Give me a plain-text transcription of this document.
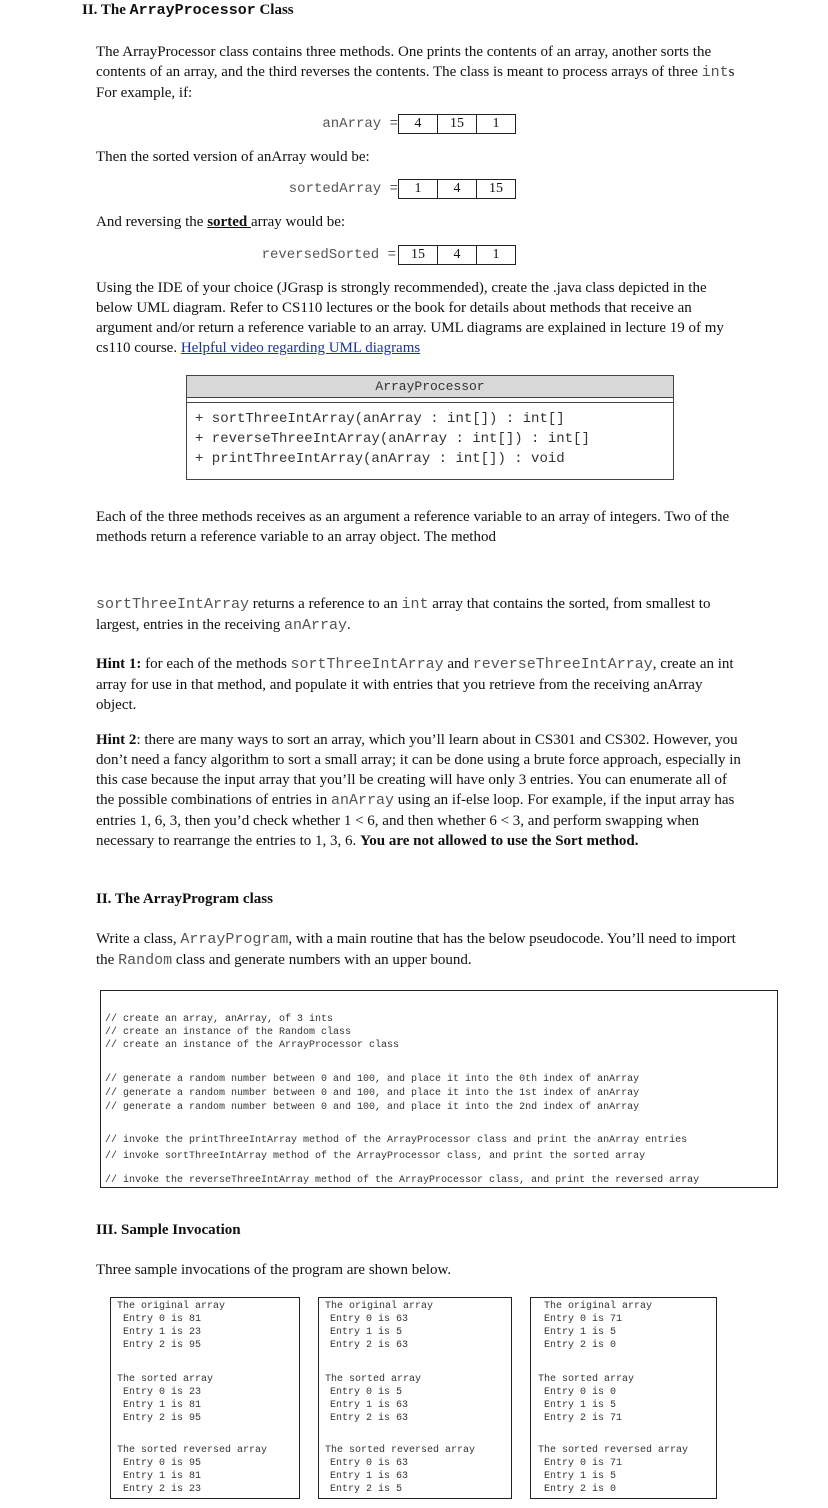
II. The ArrayProcessor Class

The ArrayProcessor class contains three methods. One prints the contents of an array, another sorts the contents of an array, and the third reverses the contents. The class is meant to process arrays of three ints For example, if:

anArray =	4	15	1

Then the sorted version of anArray would be:

sortedArray =	1	4	15

And reversing the sorted array would be:

reversedSorted =	15	4	1

Using the IDE of your choice (JGrasp is strongly recommended), create the .java class depicted in the below UML diagram. Refer to CS110 lectures or the book for details about methods that receive an argument and/or return a reference variable to an array. UML diagrams are explained in lecture 19 of my cs110 course. Helpful video regarding UML diagrams

ArrayProcessor
+ sortThreeIntArray(anArray : int[]) : int[]
+ reverseThreeIntArray(anArray : int[]) : int[]
+ printThreeIntArray(anArray : int[]) : void

Each of the three methods receives as an argument a reference variable to an array of integers. Two of the methods return a reference variable to an array object. The method

sortThreeIntArray returns a reference to an int array that contains the sorted, from smallest to largest, entries in the receiving anArray.

Hint 1: for each of the methods sortThreeIntArray and reverseThreeIntArray, create an int array for use in that method, and populate it with entries that you retrieve from the receiving anArray object.

Hint 2: there are many ways to sort an array, which you’ll learn about in CS301 and CS302. However, you don’t need a fancy algorithm to sort a small array; it can be done using a brute force approach, especially in this case because the input array that you’ll be creating will have only 3 entries. You can enumerate all of the possible combinations of entries in anArray using an if-else loop. For example, if the input array has entries 1, 6, 3, then you’d check whether 1 < 6, and then whether 6 < 3, and perform swapping when necessary to rearrange the entries to 1, 3, 6. You are not allowed to use the Sort method.

II. The ArrayProgram class

Write a class, ArrayProgram, with a main routine that has the below pseudocode. You’ll need to import the Random class and generate numbers with an upper bound.

// create an array, anArray, of 3 ints
// create an instance of the Random class
// create an instance of the ArrayProcessor class
// generate a random number between 0 and 100, and place it into the 0th index of anArray
// generate a random number between 0 and 100, and place it into the 1st index of anArray
// generate a random number between 0 and 100, and place it into the 2nd index of anArray
// invoke the printThreeIntArray method of the ArrayProcessor class and print the anArray entries
// invoke sortThreeIntArray method of the ArrayProcessor class, and print the sorted array
// invoke the reverseThreeIntArray method of the ArrayProcessor class, and print the reversed array
III. Sample Invocation

Three sample invocations of the program are shown below.

The original array
Entry 0 is 81
Entry 1 is 23
Entry 2 is 95
The sorted array
Entry 0 is 23
Entry 1 is 81
Entry 2 is 95
The sorted reversed array
Entry 0 is 95
Entry 1 is 81
Entry 2 is 23
The original array
Entry 0 is 63
Entry 1 is 5
Entry 2 is 63
The sorted array
Entry 0 is 5
Entry 1 is 63
Entry 2 is 63
The sorted reversed array
Entry 0 is 63
Entry 1 is 63
Entry 2 is 5
The original array
Entry 0 is 71
Entry 1 is 5
Entry 2 is 0
The sorted array
Entry 0 is 0
Entry 1 is 5
Entry 2 is 71
The sorted reversed array
Entry 0 is 71
Entry 1 is 5
Entry 2 is 0
